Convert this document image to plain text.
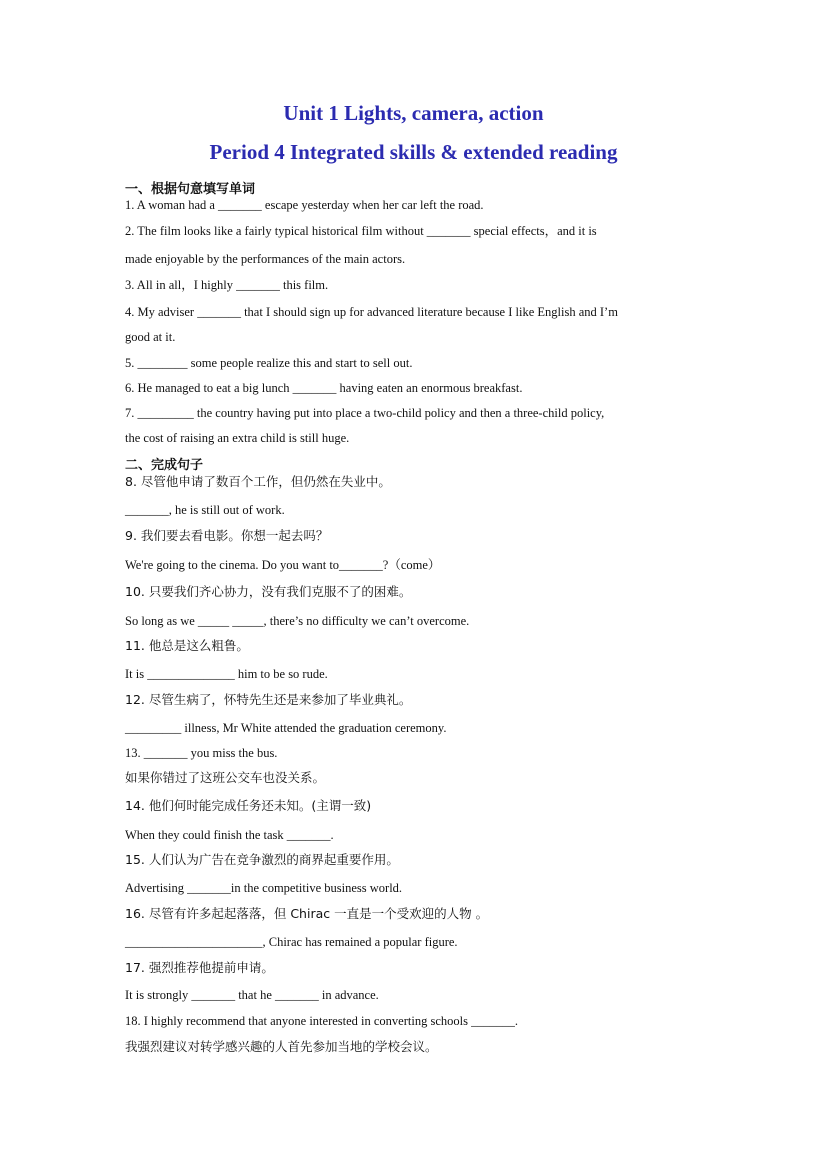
Unit 1 Lights, camera, action
Period 4 Integrated skills & extended reading
一、根据句意填写单词
1. A woman had a _______ escape yesterday when her car left the road.
2. The film looks like a fairly typical historical film without _______ special effects，and it is
made enjoyable by the performances of the main actors.
3. All in all，I highly _______ this film.
4. My adviser _______ that I should sign up for advanced literature because I like English and I’m
good at it.
5. ________ some people realize this and start to sell out.
6. He managed to eat a big lunch _______ having eaten an enormous breakfast.
7. _________ the country having put into place a two-child policy and then a three-child policy,
the cost of raising an extra child is still huge.
二、完成句子
8. 尽管他申请了数百个工作，但仍然在失业中。
_______, he is still out of work.
9. 我们要去看电影。你想一起去吗？
We're going to the cinema. Do you want to_______?（come）
10. 只要我们齐心协力，没有我们克服不了的困难。
So long as we _____ _____, there’s no difficulty we can’t overcome.
11. 他总是这么粗鲁。
It is ______________ him to be so rude.
12. 尽管生病了，怀特先生还是来参加了毕业典礼。
_________ illness, Mr White attended the graduation ceremony.
13. _______ you miss the bus.
如果你错过了这班公交车也没关系。
14. 他们何时能完成任务还未知。(主谓一致)
When they could finish the task _______.
15. 人们认为广告在竞争激烈的商界起重要作用。
Advertising _______in the competitive business world.
16. 尽管有许多起起落落，但 Chirac 一直是一个受欢迎的人物 。
______________________, Chirac has remained a popular figure.
17. 强烈推荐他提前申请。
It is strongly _______ that he _______ in advance.
18. I highly recommend that anyone interested in converting schools _______.
我强烈建议对转学感兴趣的人首先参加当地的学校会议。
